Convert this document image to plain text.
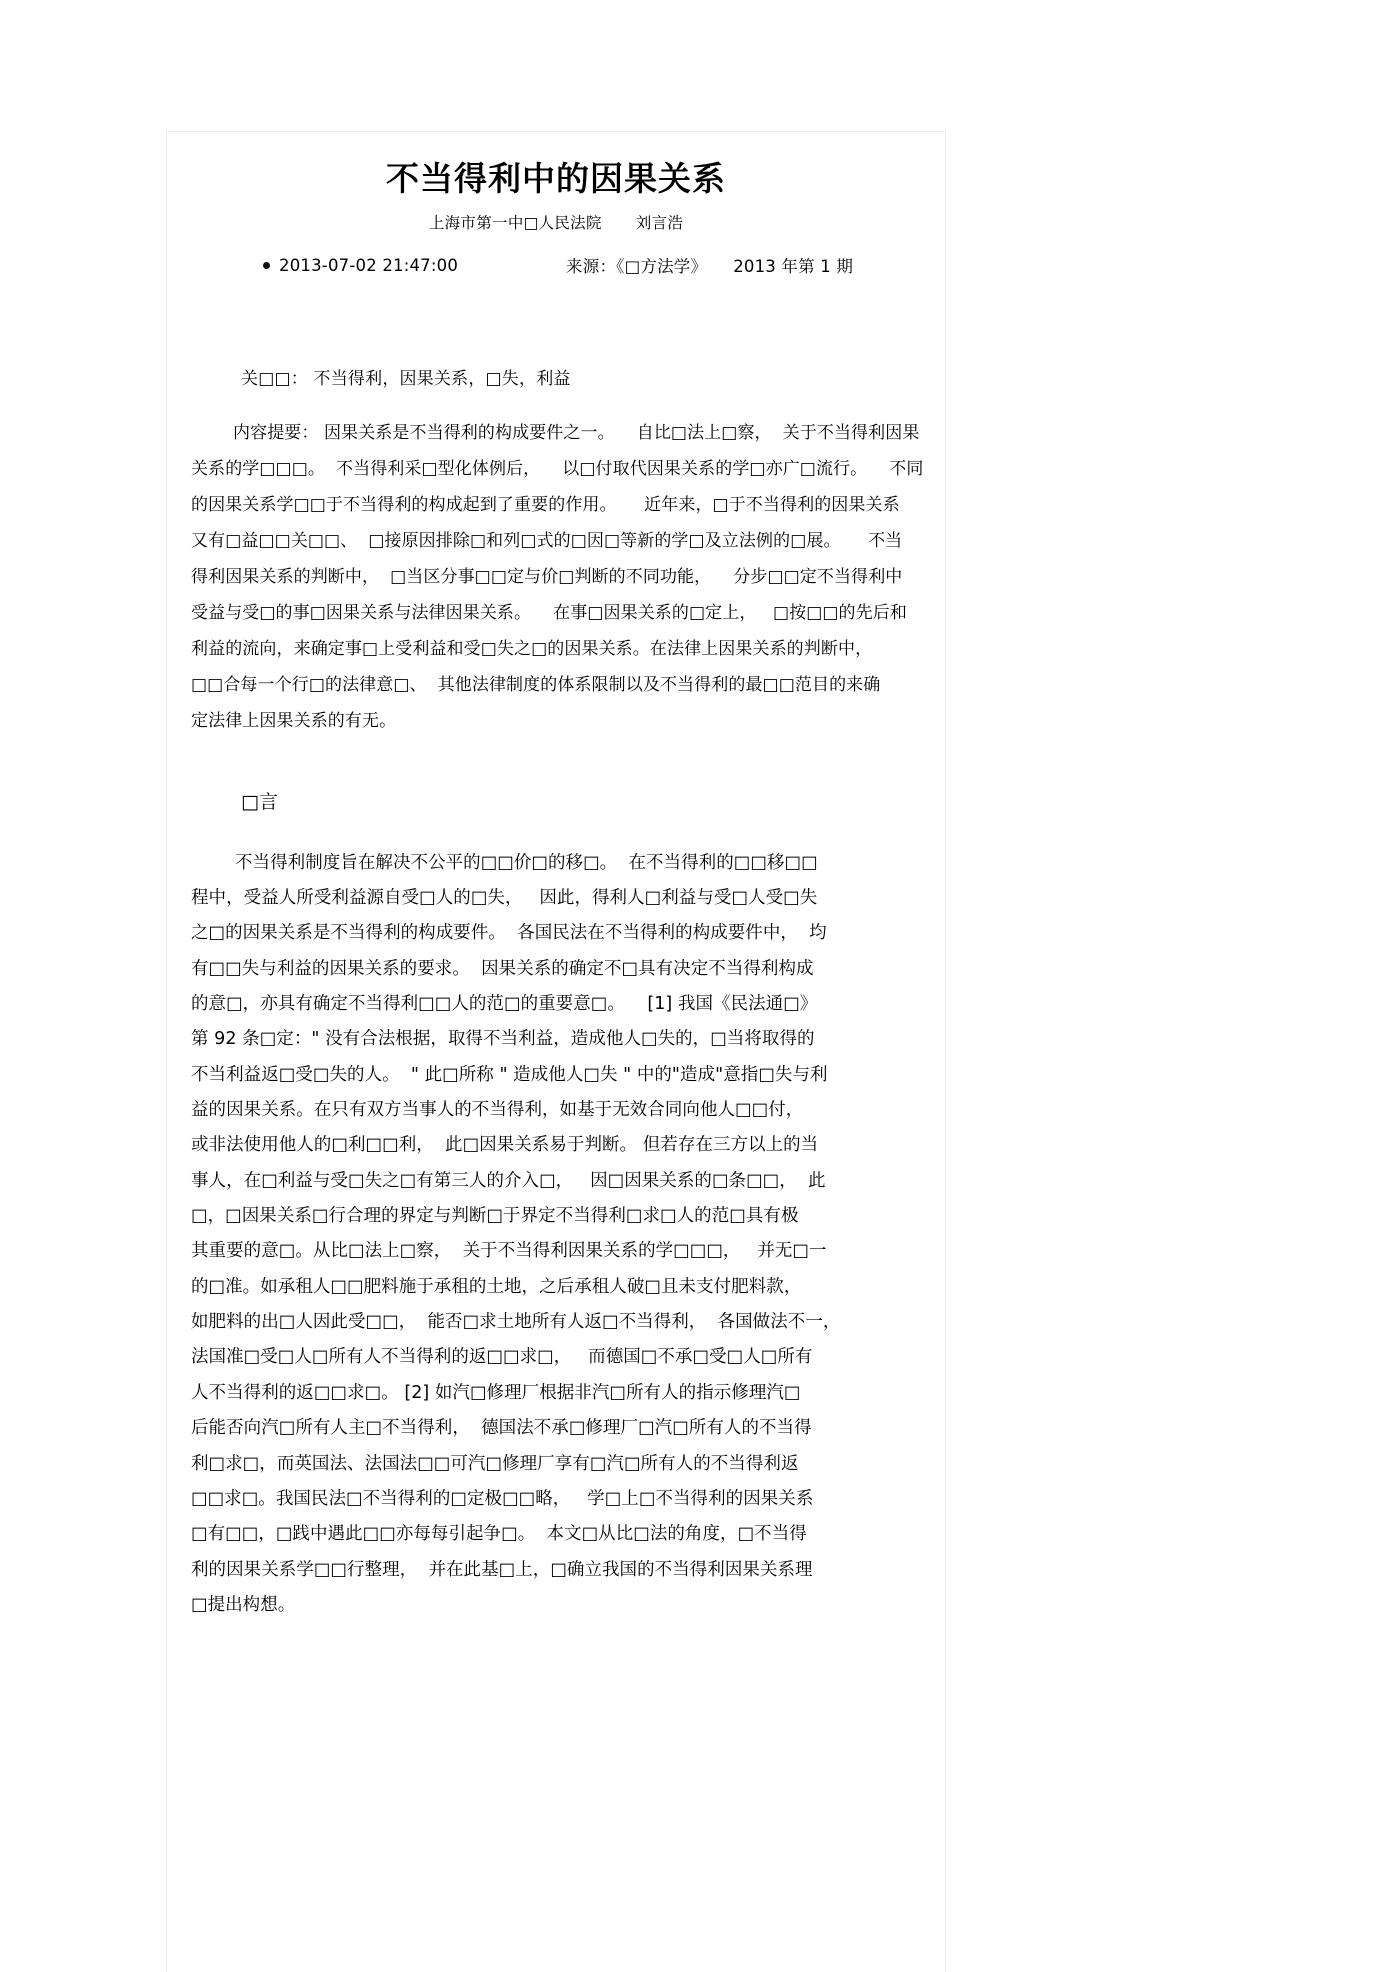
不当得利中的因果关系
上海市第一中□人民法院 刘言浩
2013-07-02 21:47:00	来源：《□方法学》 2013 年第 1 期

关□□： 不当得利，因果关系，□失，利益

内容提要： 因果关系是不当得利的构成要件之一。    自比□法上□察，  关于不当得利因果
关系的学□□□。  不当得利采□型化体例后，    以□付取代因果关系的学□亦广□流行。    不同
的因果关系学□□于不当得利的构成起到了重要的作用。     近年来，□于不当得利的因果关系
又有□益□□关□□、  □接原因排除□和列□式的□因□等新的学□及立法例的□展。     不当
得利因果关系的判断中，  □当区分事□□定与价□判断的不同功能，    分步□□定不当得利中
受益与受□的事□因果关系与法律因果关系。    在事□因果关系的□定上，   □按□□的先后和
利益的流向，来确定事□上受利益和受□失之□的因果关系。在法律上因果关系的判断中，
□□合每一个行□的法律意□、  其他法律制度的体系限制以及不当得利的最□□范目的来确
定法律上因果关系的有无。
□言
不当得利制度旨在解决不公平的□□价□的移□。  在不当得利的□□移□□
程中，受益人所受利益源自受□人的□失，   因此，得利人□利益与受□人受□失
之□的因果关系是不当得利的构成要件。  各国民法在不当得利的构成要件中，  均
有□□失与利益的因果关系的要求。  因果关系的确定不□具有决定不当得利构成
的意□，亦具有确定不当得利□□人的范□的重要意□。    [1] 我国《民法通□》
第 92 条□定：" 没有合法根据，取得不当利益，造成他人□失的，□当将取得的
不当利益返□受□失的人。  " 此□所称 " 造成他人□失 " 中的"造成"意指□失与利
益的因果关系。在只有双方当事人的不当得利，如基于无效合同向他人□□付，
或非法使用他人的□利□□利，  此□因果关系易于判断。 但若存在三方以上的当
事人，在□利益与受□失之□有第三人的介入□，   因□因果关系的□条□□，  此
□，□因果关系□行合理的界定与判断□于界定不当得利□求□人的范□具有极
其重要的意□。从比□法上□察，  关于不当得利因果关系的学□□□，   并无□一
的□准。如承租人□□肥料施于承租的土地，之后承租人破□且未支付肥料款，
如肥料的出□人因此受□□，  能否□求土地所有人返□不当得利，  各国做法不一，
法国准□受□人□所有人不当得利的返□□求□，   而德国□不承□受□人□所有
人不当得利的返□□求□。 [2] 如汽□修理厂根据非汽□所有人的指示修理汽□
后能否向汽□所有人主□不当得利，  德国法不承□修理厂□汽□所有人的不当得
利□求□，而英国法、法国法□□可汽□修理厂享有□汽□所有人的不当得利返
□□求□。我国民法□不当得利的□定极□□略，   学□上□不当得利的因果关系
□有□□，□践中遇此□□亦每每引起争□。  本文□从比□法的角度，□不当得
利的因果关系学□□行整理，  并在此基□上，□确立我国的不当得利因果关系理
□提出构想。
